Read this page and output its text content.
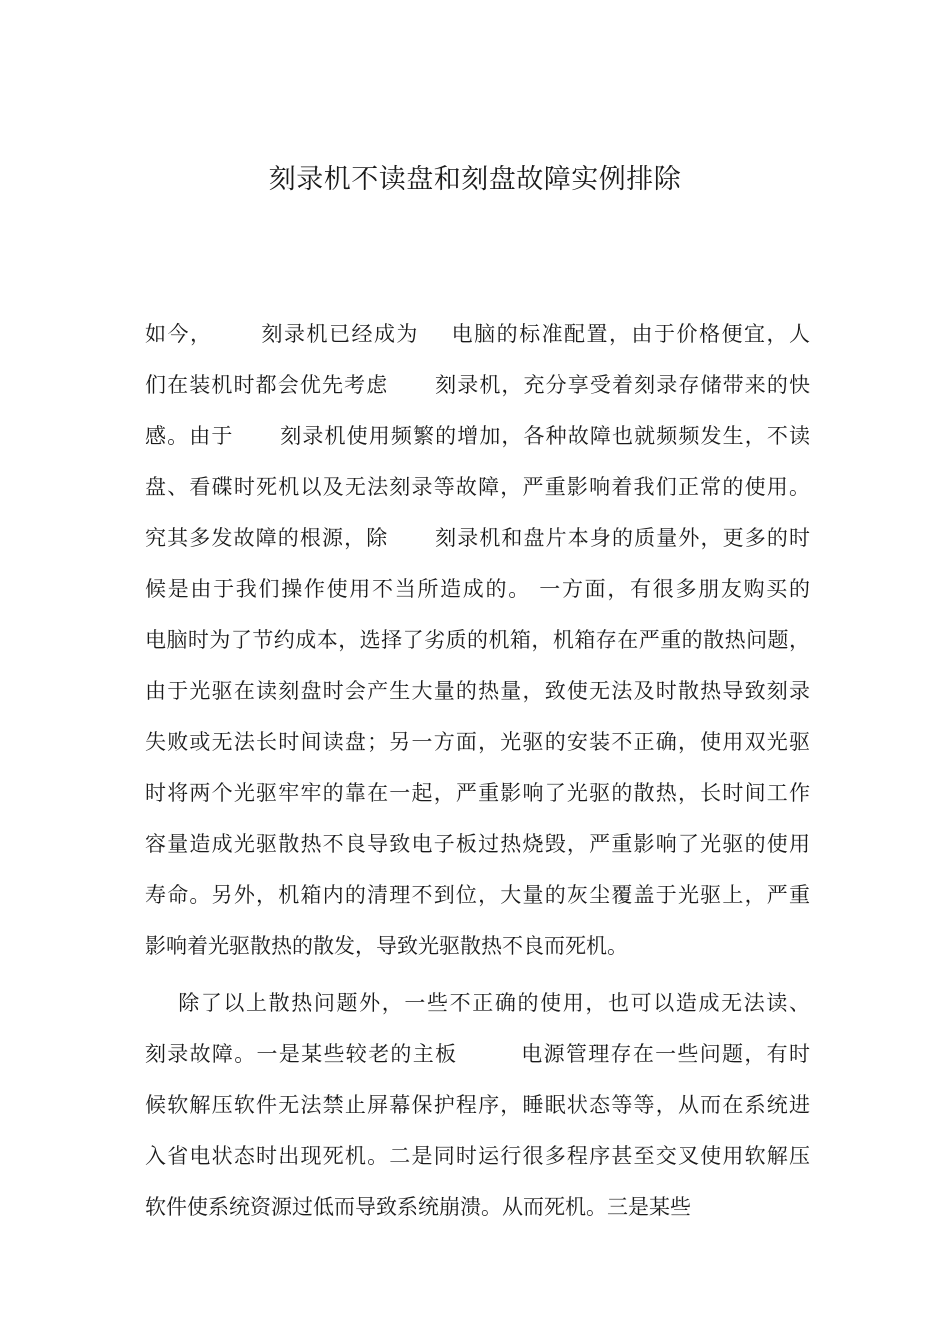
刻录机不读盘和刻盘故障实例排除
如今，      刻录机已经成为    电脑的标准配置，由于价格便宜，人
们在装机时都会优先考虑      刻录机，充分享受着刻录存储带来的快
感。由于      刻录机使用频繁的增加，各种故障也就频频发生，不读
盘、看碟时死机以及无法刻录等故障，严重影响着我们正常的使用。
究其多发故障的根源，除      刻录机和盘片本身的质量外，更多的时
候是由于我们操作使用不当所造成的。 一方面，有很多朋友购买的
电脑时为了节约成本，选择了劣质的机箱，机箱存在严重的散热问题，
由于光驱在读刻盘时会产生大量的热量，致使无法及时散热导致刻录
失败或无法长时间读盘；另一方面，光驱的安装不正确，使用双光驱
时将两个光驱牢牢的靠在一起，严重影响了光驱的散热，长时间工作
容量造成光驱散热不良导致电子板过热烧毁，严重影响了光驱的使用
寿命。另外，机箱内的清理不到位，大量的灰尘覆盖于光驱上，严重
影响着光驱散热的散发，导致光驱散热不良而死机。
除了以上散热问题外，一些不正确的使用，也可以造成无法读、
刻录故障。一是某些较老的主板        电源管理存在一些问题，有时
候软解压软件无法禁止屏幕保护程序，睡眠状态等等，从而在系统进
入省电状态时出现死机。二是同时运行很多程序甚至交叉使用软解压
软件使系统资源过低而导致系统崩溃。从而死机。三是某些
